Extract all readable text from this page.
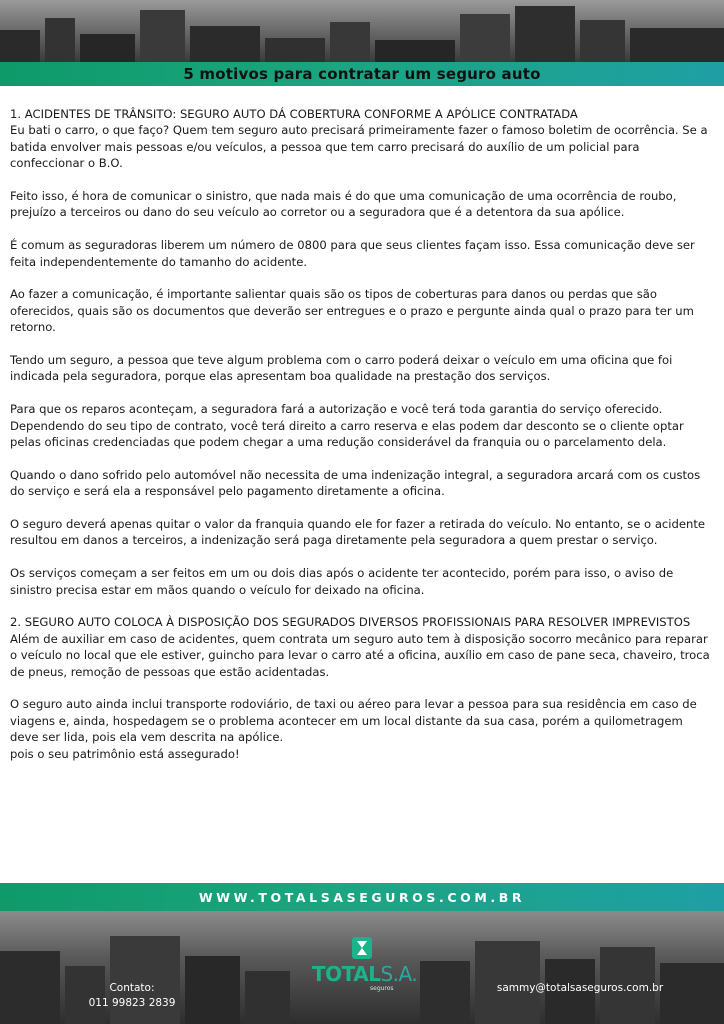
5 motivos para contratar um seguro auto

1. ACIDENTES DE TRÂNSITO: SEGURO AUTO DÁ COBERTURA CONFORME A APÓLICE CONTRATADA

Eu bati o carro, o que faço? Quem tem seguro auto precisará primeiramente fazer o famoso boletim de ocorrência. Se a batida envolver mais pessoas e/ou veículos, a pessoa que tem carro precisará do auxílio de um policial para confeccionar o B.O.

Feito isso, é hora de comunicar o sinistro, que nada mais é do que uma comunicação de uma ocorrência de roubo, prejuízo a terceiros ou dano do seu veículo ao corretor ou a seguradora que é a detentora da sua apólice.

É comum as seguradoras liberem um número de 0800 para que seus clientes façam isso. Essa comunicação deve ser feita independentemente do tamanho do acidente.

Ao fazer a comunicação, é importante salientar quais são os tipos de coberturas para danos ou perdas que são oferecidos, quais são os documentos que deverão ser entregues e o prazo e pergunte ainda qual o prazo para ter um retorno.

Tendo um seguro, a pessoa que teve algum problema com o carro poderá deixar o veículo em uma oficina que foi indicada pela seguradora, porque elas apresentam boa qualidade na prestação dos serviços.

Para que os reparos aconteçam, a seguradora fará a autorização e você terá toda garantia do serviço oferecido. Dependendo do seu tipo de contrato, você terá direito a carro reserva e elas podem dar desconto se o cliente optar pelas oficinas credenciadas que podem chegar a uma redução considerável da franquia ou o parcelamento dela.

Quando o dano sofrido pelo automóvel não necessita de uma indenização integral, a seguradora arcará com os custos do serviço e será ela a responsável pelo pagamento diretamente a oficina.

O seguro deverá apenas quitar o valor da franquia quando ele for fazer a retirada do veículo. No entanto, se o acidente resultou em danos a terceiros, a indenização será paga diretamente pela seguradora a quem prestar o serviço.

Os serviços começam a ser feitos em um ou dois dias após o acidente ter acontecido, porém para isso, o aviso de sinistro precisa estar em mãos quando o veículo for deixado na oficina.

2. SEGURO AUTO COLOCA À DISPOSIÇÃO DOS SEGURADOS DIVERSOS PROFISSIONAIS PARA RESOLVER IMPREVISTOS

Além de auxiliar em caso de acidentes, quem contrata um seguro auto tem à disposição socorro mecânico para reparar o veículo no local que ele estiver, guincho para levar o carro até a oficina, auxílio em caso de pane seca, chaveiro, troca de pneus, remoção de pessoas que estão acidentadas.

O seguro auto ainda inclui transporte rodoviário, de taxi ou aéreo para levar a pessoa para sua residência em caso de viagens e, ainda, hospedagem se o problema acontecer em um local distante da sua casa, porém a quilometragem deve ser lida, pois ela vem descrita na apólice.

pois o seu patrimônio está assegurado!

WWW.TOTALSASEGUROS.COM.BR
TOTALS.A.
seguros
Contato:
011 99823 2839
sammy@totalsaseguros.com.br
